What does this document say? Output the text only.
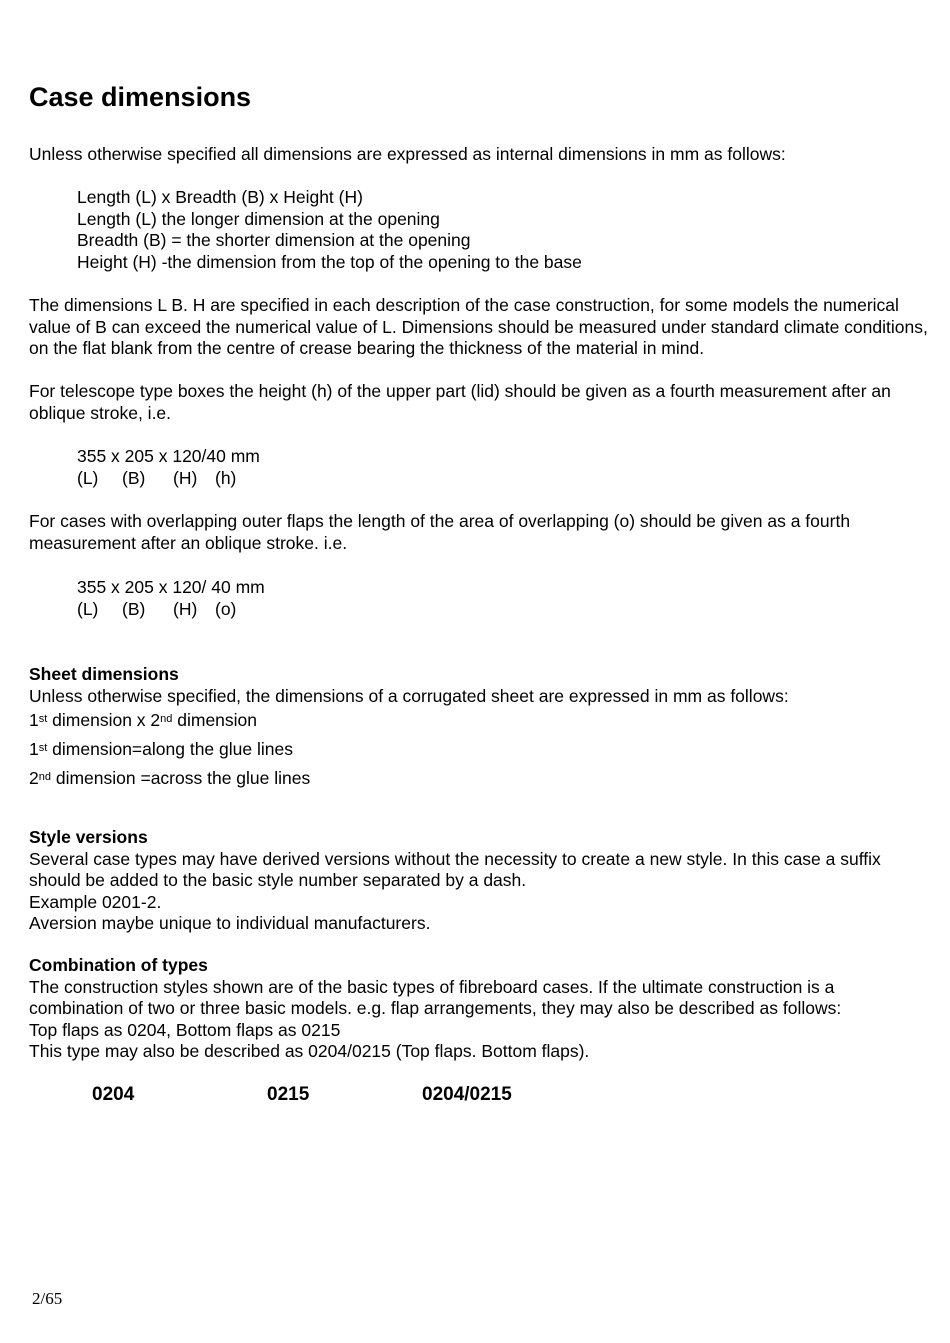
Case dimensions
Unless otherwise specified all dimensions are expressed as internal dimensions in mm as follows:
Length (L) x Breadth (B) x Height (H)
Length (L) the longer dimension at the opening
Breadth (B) = the shorter dimension at the opening
Height (H) -the dimension from the top of the opening to the base
The dimensions L B. H are specified in each description of the case construction, for some models the numerical value of B can exceed the numerical value of L. Dimensions should be measured under standard climate conditions, on the flat blank from the centre of crease bearing the thickness of the material in mind.
For telescope type boxes the height (h) of the upper part (lid) should be given as a fourth measurement after an oblique stroke, i.e.
355 x 205 x 120/40 mm
(L) (B) (H) (h)
For cases with overlapping outer flaps the length of the area of overlapping (o) should be given as a fourth measurement after an oblique stroke. i.e.
355 x 205 x 120/ 40 mm
(L) (B) (H) (o)
Sheet dimensions
Unless otherwise specified, the dimensions of a corrugated sheet are expressed in mm as follows:
1st dimension x 2nd dimension
1st dimension=along the glue lines
2nd dimension =across the glue lines
Style versions
Several case types may have derived versions without the necessity to create a new style. In this case a suffix should be added to the basic style number separated by a dash.
Example 0201-2.
Aversion maybe unique to individual manufacturers.
Combination of types
The construction styles shown are of the basic types of fibreboard cases. If the ultimate construction is a combination of two or three basic models. e.g. flap arrangements, they may also be described as follows:
Top flaps as 0204, Bottom flaps as 0215
This type may also be described as 0204/0215 (Top flaps. Bottom flaps).
0204	0215	0204/0215
2/65
